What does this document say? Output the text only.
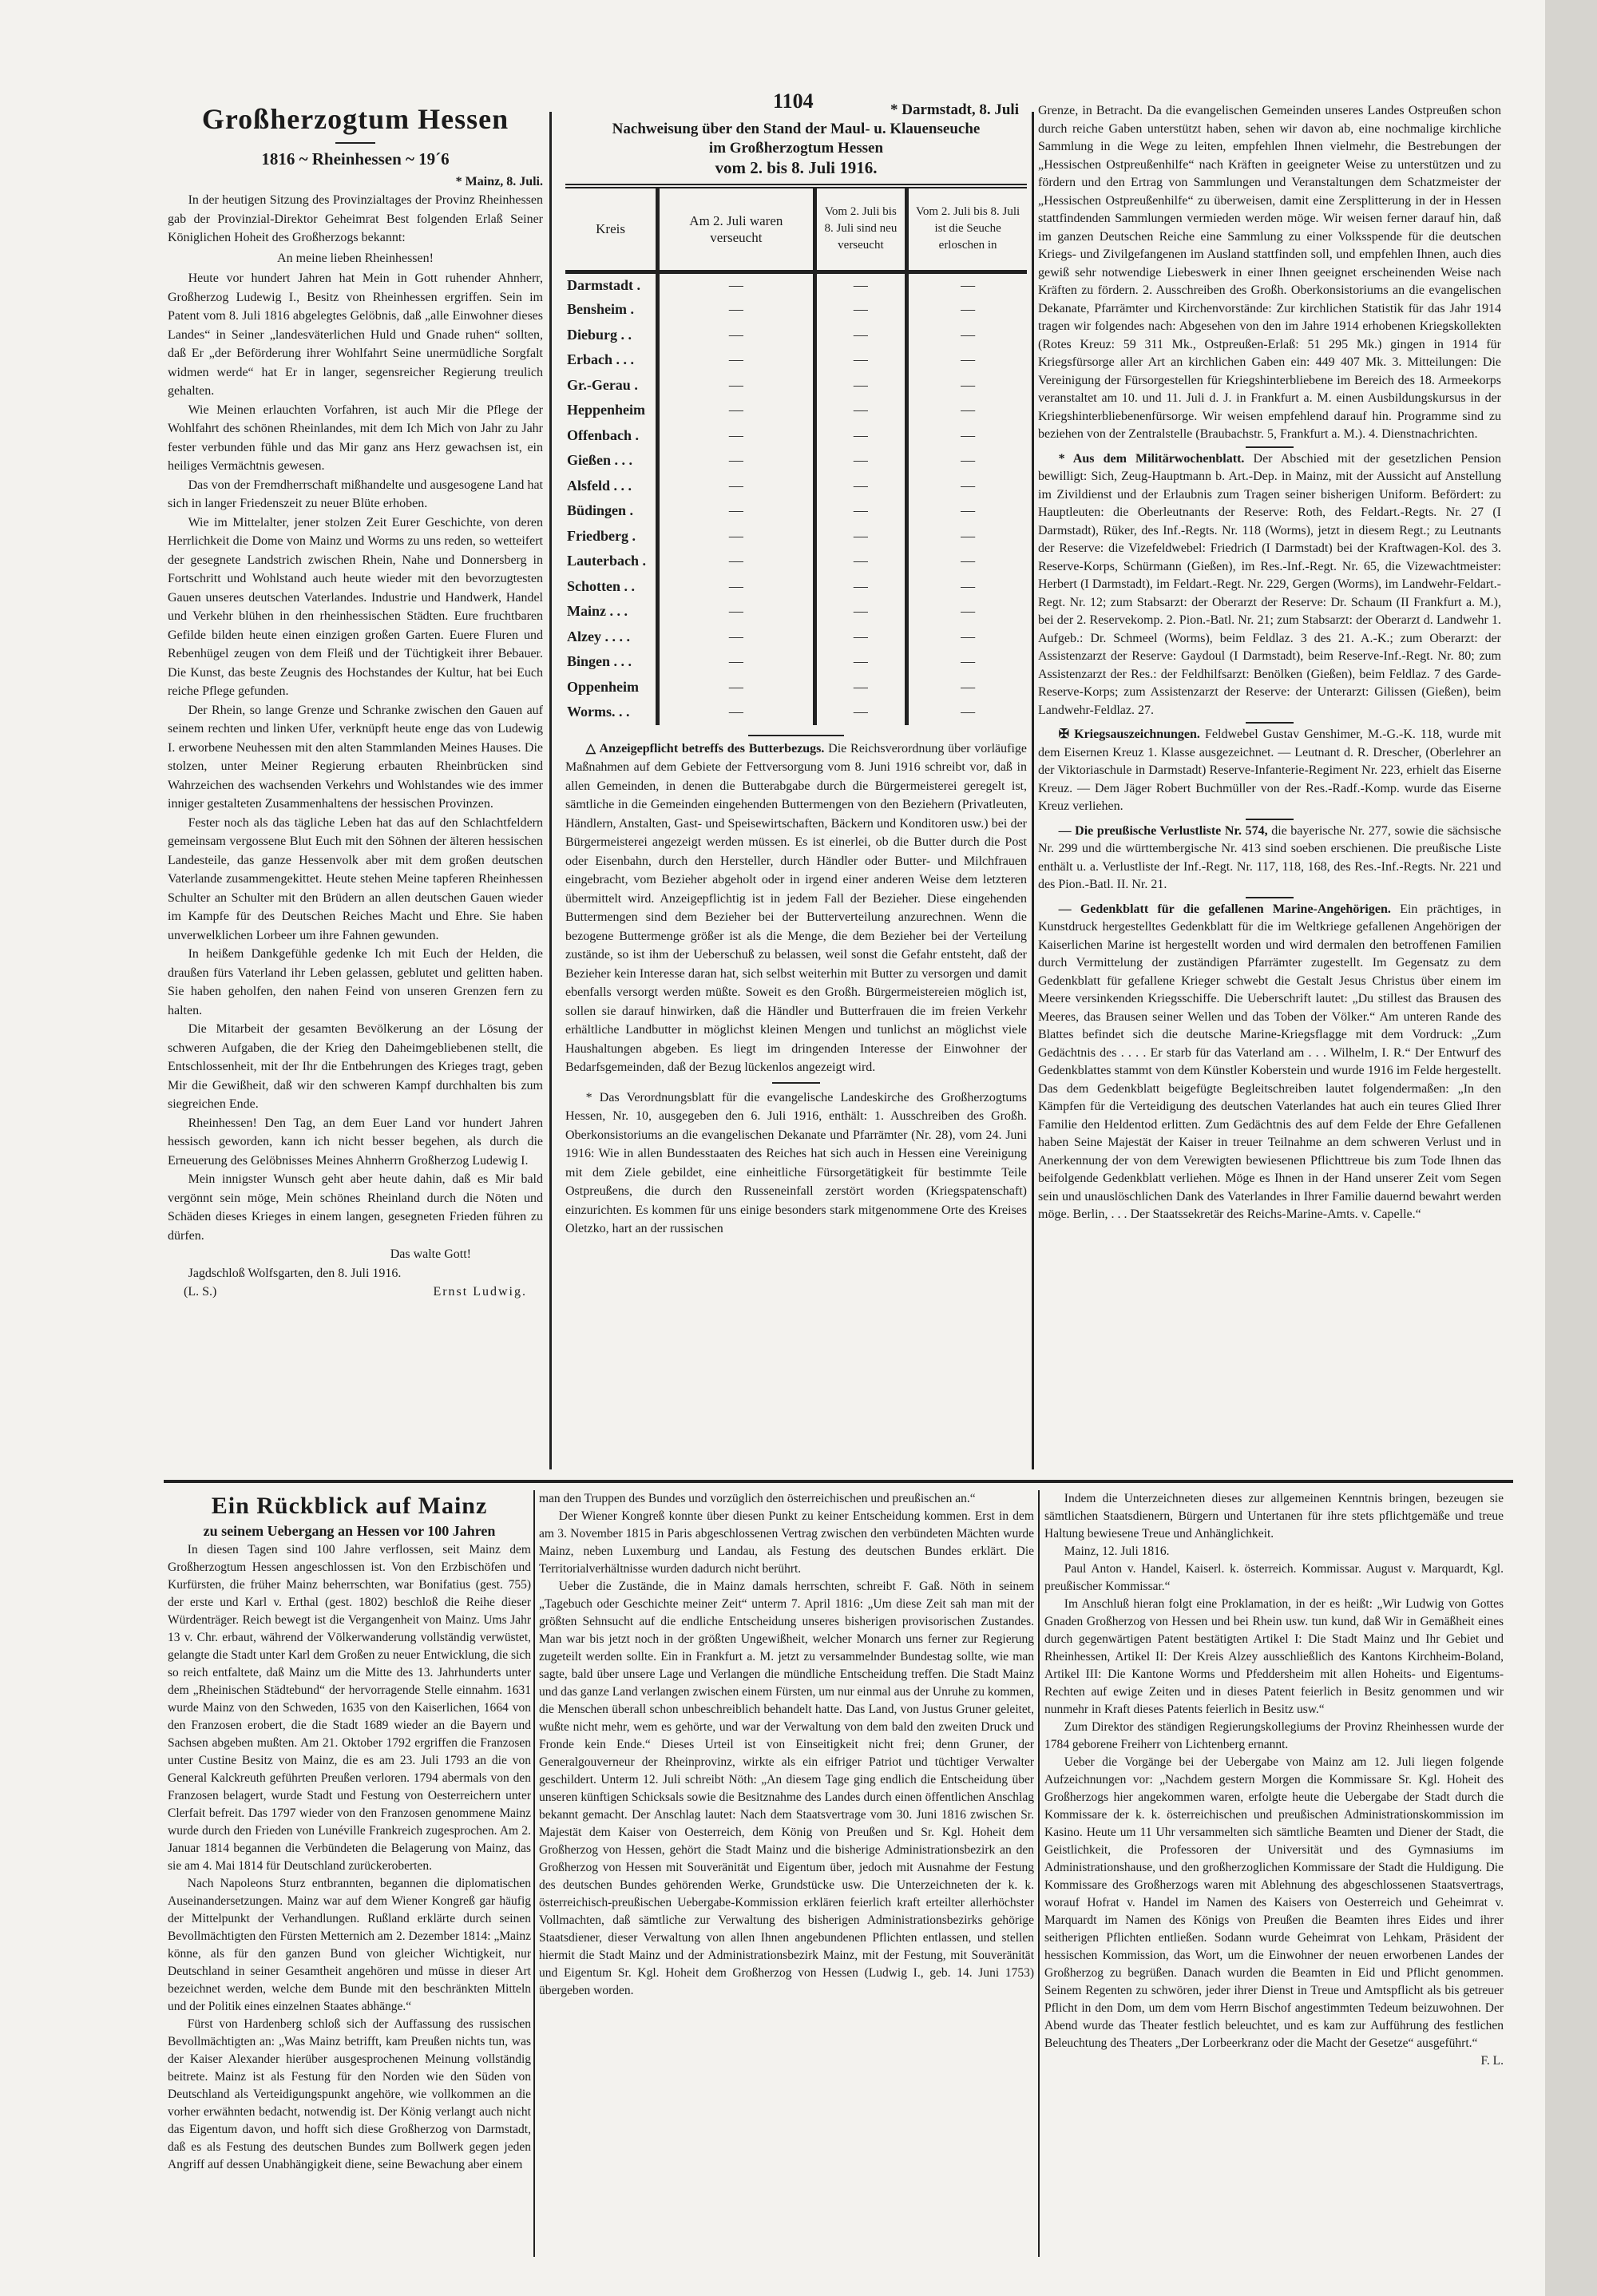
1104
Großherzogtum Hessen
1816 ~ Rheinhessen ~ 19´6
* Mainz, 8. Juli.

In der heutigen Sitzung des Provinzialtages der Provinz Rheinhessen gab der Provinzial-Direktor Geheimrat Best folgenden Erlaß Seiner Königlichen Hoheit des Großherzogs bekannt:

An meine lieben Rheinhessen!

Heute vor hundert Jahren hat Mein in Gott ruhender Ahnherr, Großherzog Ludewig I., Besitz von Rheinhessen ergriffen. Sein im Patent vom 8. Juli 1816 abgelegtes Gelöbnis, daß „alle Einwohner dieses Landes“ in Seiner „landesväterlichen Huld und Gnade ruhen“ sollten, daß Er „der Beförderung ihrer Wohlfahrt Seine unermüdliche Sorgfalt widmen werde“ hat Er in langer, segensreicher Regierung treulich gehalten.

Wie Meinen erlauchten Vorfahren, ist auch Mir die Pflege der Wohlfahrt des schönen Rheinlandes, mit dem Ich Mich von Jahr zu Jahr fester verbunden fühle und das Mir ganz ans Herz gewachsen ist, ein heiliges Vermächtnis gewesen.

Das von der Fremdherrschaft mißhandelte und ausgesogene Land hat sich in langer Friedenszeit zu neuer Blüte erhoben.

Wie im Mittelalter, jener stolzen Zeit Eurer Geschichte, von deren Herrlichkeit die Dome von Mainz und Worms zu uns reden, so wetteifert der gesegnete Landstrich zwischen Rhein, Nahe und Donnersberg in Fortschritt und Wohlstand auch heute wieder mit den bevorzugtesten Gauen unseres deutschen Vaterlandes. Industrie und Handwerk, Handel und Verkehr blühen in den rheinhessischen Städten. Eure fruchtbaren Gefilde bilden heute einen einzigen großen Garten. Euere Fluren und Rebenhügel zeugen von dem Fleiß und der Tüchtigkeit ihrer Bebauer. Die Kunst, das beste Zeugnis des Hochstandes der Kultur, hat bei Euch reiche Pflege gefunden.

Der Rhein, so lange Grenze und Schranke zwischen den Gauen auf seinem rechten und linken Ufer, verknüpft heute enge das von Ludewig I. erworbene Neuhessen mit den alten Stammlanden Meines Hauses. Die stolzen, unter Meiner Regierung erbauten Rheinbrücken sind Wahrzeichen des wachsenden Verkehrs und Wohlstandes wie des immer inniger gestalteten Zusammenhaltens der hessischen Provinzen.

Fester noch als das tägliche Leben hat das auf den Schlachtfeldern gemeinsam vergossene Blut Euch mit den Söhnen der älteren hessischen Landesteile, das ganze Hessenvolk aber mit dem großen deutschen Vaterlande zusammengekittet. Heute stehen Meine tapferen Rheinhessen Schulter an Schulter mit den Brüdern an allen deutschen Gauen wieder im Kampfe für des Deutschen Reiches Macht und Ehre. Sie haben unverwelklichen Lorbeer um ihre Fahnen gewunden.

In heißem Dankgefühle gedenke Ich mit Euch der Helden, die draußen fürs Vaterland ihr Leben gelassen, geblutet und gelitten haben. Sie haben geholfen, den nahen Feind von unseren Grenzen fern zu halten.

Die Mitarbeit der gesamten Bevölkerung an der Lösung der schweren Aufgaben, die der Krieg den Daheimgebliebenen stellt, die Entschlossenheit, mit der Ihr die Entbehrungen des Krieges tragt, geben Mir die Gewißheit, daß wir den schweren Kampf durchhalten bis zum siegreichen Ende.

Rheinhessen! Den Tag, an dem Euer Land vor hundert Jahren hessisch geworden, kann ich nicht besser begehen, als durch die Erneuerung des Gelöbnisses Meines Ahnherrn Großherzog Ludewig I.

Mein innigster Wunsch geht aber heute dahin, daß es Mir bald vergönnt sein möge, Mein schönes Rheinland durch die Nöten und Schäden dieses Krieges in einem langen, gesegneten Frieden führen zu dürfen.

Das walte Gott!

Jagdschloß Wolfsgarten, den 8. Juli 1916.

(L. S.)	Ernst Ludwig.
* Darmstadt, 8. Juli
Nachweisung über den Stand der Maul- u. Klauenseuche
im Großherzogtum Hessen
vom 2. bis 8. Juli 1916.
Kreis	Am 2. Juli waren verseucht	Vom 2. Juli bis 8. Juli sind neu verseucht	Vom 2. Juli bis 8. Juli ist die Seuche erloschen in
Darmstadt .	—	—	—
Bensheim .	—	—	—
Dieburg . .	—	—	—
Erbach . . .	—	—	—
Gr.-Gerau .	—	—	—
Heppenheim	—	—	—
Offenbach .	—	—	—
Gießen . . .	—	—	—
Alsfeld . . .	—	—	—
Büdingen .	—	—	—
Friedberg .	—	—	—
Lauterbach .	—	—	—
Schotten . .	—	—	—
Mainz . . .	—	—	—
Alzey . . . .	—	—	—
Bingen . . .	—	—	—
Oppenheim	—	—	—
Worms. . .	—	—	—

△ Anzeigepflicht betreffs des Butterbezugs. Die Reichsverordnung über vorläufige Maßnahmen auf dem Gebiete der Fettversorgung vom 8. Juni 1916 schreibt vor, daß in allen Gemeinden, in denen die Butterabgabe durch die Bürgermeisterei geregelt ist, sämtliche in die Gemeinden eingehenden Buttermengen von den Beziehern (Privatleuten, Händlern, Anstalten, Gast- und Speisewirtschaften, Bäckern und Konditoren usw.) bei der Bürgermeisterei angezeigt werden müssen. Es ist einerlei, ob die Butter durch die Post oder Eisenbahn, durch den Hersteller, durch Händler oder Butter- und Milchfrauen eingebracht, vom Bezieher abgeholt oder in irgend einer anderen Weise dem letzteren übermittelt wird. Anzeigepflichtig ist in jedem Fall der Bezieher. Diese eingehenden Buttermengen sind dem Bezieher bei der Butterverteilung anzurechnen. Wenn die bezogene Buttermenge größer ist als die Menge, die dem Bezieher bei der Verteilung zustände, so ist ihm der Ueberschuß zu belassen, weil sonst die Gefahr entsteht, daß der Bezieher kein Interesse daran hat, sich selbst weiterhin mit Butter zu versorgen und damit ebenfalls versorgt werden müßte. Soweit es den Großh. Bürgermeistereien möglich ist, sollen sie darauf hinwirken, daß die Händler und Butterfrauen die im freien Verkehr erhältliche Landbutter in möglichst kleinen Mengen und tunlichst an möglichst viele Haushaltungen abgeben. Es liegt im dringenden Interesse der Einwohner der Bedarfsgemeinden, daß der Bezug lückenlos angezeigt wird.

* Das Verordnungsblatt für die evangelische Landeskirche des Großherzogtums Hessen, Nr. 10, ausgegeben den 6. Juli 1916, enthält: 1. Ausschreiben des Großh. Oberkonsistoriums an die evangelischen Dekanate und Pfarrämter (Nr. 28), vom 24. Juni 1916: Wie in allen Bundesstaaten des Reiches hat sich auch in Hessen eine Vereinigung mit dem Ziele gebildet, eine einheitliche Fürsorgetätigkeit für bestimmte Teile Ostpreußens, die durch den Russeneinfall zerstört worden (Kriegspatenschaft) einzurichten. Es kommen für uns einige besonders stark mitgenommene Orte des Kreises Oletzko, hart an der russischen

Grenze, in Betracht. Da die evangelischen Gemeinden unseres Landes Ostpreußen schon durch reiche Gaben unterstützt haben, sehen wir davon ab, eine nochmalige kirchliche Sammlung in die Wege zu leiten, empfehlen Ihnen vielmehr, die Bestrebungen der „Hessischen Ostpreußenhilfe“ nach Kräften in geeigneter Weise zu unterstützen und zu fördern und den Ertrag von Sammlungen und Veranstaltungen dem Schatzmeister der „Hessischen Ostpreußenhilfe“ zu überweisen, damit eine Zersplitterung in der in Hessen stattfindenden Sammlungen vermieden werden möge. Wir weisen ferner darauf hin, daß im ganzen Deutschen Reiche eine Sammlung zu einer Volksspende für die deutschen Kriegs- und Zivilgefangenen im Ausland stattfinden soll, und empfehlen Ihnen, auch dies gewiß sehr notwendige Liebeswerk in einer Ihnen geeignet erscheinenden Weise nach Kräften zu fördern. 2. Ausschreiben des Großh. Oberkonsistoriums an die evangelischen Dekanate, Pfarrämter und Kirchenvorstände: Zur kirchlichen Statistik für das Jahr 1914 tragen wir folgendes nach: Abgesehen von den im Jahre 1914 erhobenen Kriegskollekten (Rotes Kreuz: 59 311 Mk., Ostpreußen-Erlaß: 51 295 Mk.) gingen in 1914 für Kriegsfürsorge aller Art an kirchlichen Gaben ein: 449 407 Mk. 3. Mitteilungen: Die Vereinigung der Fürsorgestellen für Kriegshinterbliebene im Bereich des 18. Armeekorps veranstaltet am 10. und 11. Juli d. J. in Frankfurt a. M. einen Ausbildungskursus in der Kriegshinterbliebenenfürsorge. Wir weisen empfehlend darauf hin. Programme sind zu beziehen von der Zentralstelle (Braubachstr. 5, Frankfurt a. M.). 4. Dienstnachrichten.

* Aus dem Militärwochenblatt. Der Abschied mit der gesetzlichen Pension bewilligt: Sich, Zeug-Hauptmann b. Art.-Dep. in Mainz, mit der Aussicht auf Anstellung im Zivildienst und der Erlaubnis zum Tragen seiner bisherigen Uniform. Befördert: zu Hauptleuten: die Oberleutnants der Reserve: Roth, des Feldart.-Regts. Nr. 27 (I Darmstadt), Rüker, des Inf.-Regts. Nr. 118 (Worms), jetzt in diesem Regt.; zu Leutnants der Reserve: die Vizefeldwebel: Friedrich (I Darmstadt) bei der Kraftwagen-Kol. des 3. Reserve-Korps, Schürmann (Gießen), im Res.-Inf.-Regt. Nr. 65, die Vizewachtmeister: Herbert (I Darmstadt), im Feldart.-Regt. Nr. 229, Gergen (Worms), im Landwehr-Feldart.-Regt. Nr. 12; zum Stabsarzt: der Oberarzt der Reserve: Dr. Schaum (II Frankfurt a. M.), bei der 2. Reservekomp. 2. Pion.-Batl. Nr. 21; zum Stabsarzt: der Oberarzt d. Landwehr 1. Aufgeb.: Dr. Schmeel (Worms), beim Feldlaz. 3 des 21. A.-K.; zum Oberarzt: der Assistenzarzt der Reserve: Gaydoul (I Darmstadt), beim Reserve-Inf.-Regt. Nr. 80; zum Assistenzarzt der Res.: der Feldhilfsarzt: Benölken (Gießen), beim Feldlaz. 7 des Garde-Reserve-Korps; zum Assistenzarzt der Reserve: der Unterarzt: Gilissen (Gießen), beim Landwehr-Feldlaz. 27.

✠ Kriegsauszeichnungen. Feldwebel Gustav Genshimer, M.-G.-K. 118, wurde mit dem Eisernen Kreuz 1. Klasse ausgezeichnet. — Leutnant d. R. Drescher, (Oberlehrer an der Viktoriaschule in Darmstadt) Reserve-Infanterie-Regiment Nr. 223, erhielt das Eiserne Kreuz. — Dem Jäger Robert Buchmüller von der Res.-Radf.-Komp. wurde das Eiserne Kreuz verliehen.

— Die preußische Verlustliste Nr. 574, die bayerische Nr. 277, sowie die sächsische Nr. 299 und die württembergische Nr. 413 sind soeben erschienen. Die preußische Liste enthält u. a. Verlustliste der Inf.-Regt. Nr. 117, 118, 168, des Res.-Inf.-Regts. Nr. 221 und des Pion.-Batl. II. Nr. 21.

— Gedenkblatt für die gefallenen Marine-Angehörigen. Ein prächtiges, in Kunstdruck hergestelltes Gedenkblatt für die im Weltkriege gefallenen Angehörigen der Kaiserlichen Marine ist hergestellt worden und wird dermalen den betroffenen Familien durch Vermittelung der zuständigen Pfarrämter zugestellt. Im Gegensatz zu dem Gedenkblatt für gefallene Krieger schwebt die Gestalt Jesus Christus über einem im Meere versinkenden Kriegsschiffe. Die Ueberschrift lautet: „Du stillest das Brausen des Meeres, das Brausen seiner Wellen und das Toben der Völker.“ Am unteren Rande des Blattes befindet sich die deutsche Marine-Kriegsflagge mit dem Vordruck: „Zum Gedächtnis des . . . . Er starb für das Vaterland am . . . Wilhelm, I. R.“ Der Entwurf des Gedenkblattes stammt von dem Künstler Koberstein und wurde 1916 im Felde hergestellt. Das dem Gedenkblatt beigefügte Begleitschreiben lautet folgendermaßen: „In den Kämpfen für die Verteidigung des deutschen Vaterlandes hat auch ein teures Glied Ihrer Familie den Heldentod erlitten. Zum Gedächtnis des auf dem Felde der Ehre Gefallenen haben Seine Majestät der Kaiser in treuer Teilnahme an dem schweren Verlust und in Anerkennung der von dem Verewigten bewiesenen Pflichttreue bis zum Tode Ihnen das beifolgende Gedenkblatt verliehen. Möge es Ihnen in der Hand unserer Zeit vom Segen sein und unauslöschlichen Dank des Vaterlandes in Ihrer Familie dauernd bewahrt werden möge. Berlin, . . . Der Staatssekretär des Reichs-Marine-Amts. v. Capelle.“

Ein Rückblick auf Mainz
zu seinem Uebergang an Hessen vor 100 Jahren

In diesen Tagen sind 100 Jahre verflossen, seit Mainz dem Großherzogtum Hessen angeschlossen ist. Von den Erzbischöfen und Kurfürsten, die früher Mainz beherrschten, war Bonifatius (gest. 755) der erste und Karl v. Erthal (gest. 1802) beschloß die Reihe dieser Würdenträger. Reich bewegt ist die Vergangenheit von Mainz. Ums Jahr 13 v. Chr. erbaut, während der Völkerwanderung vollständig verwüstet, gelangte die Stadt unter Karl dem Großen zu neuer Entwicklung, die sich so reich entfaltete, daß Mainz um die Mitte des 13. Jahrhunderts unter dem „Rheinischen Städtebund“ der hervorragende Stelle einnahm. 1631 wurde Mainz von den Schweden, 1635 von den Kaiserlichen, 1664 von den Franzosen erobert, die die Stadt 1689 wieder an die Bayern und Sachsen abgeben mußten. Am 21. Oktober 1792 ergriffen die Franzosen unter Custine Besitz von Mainz, die es am 23. Juli 1793 an die von General Kalckreuth geführten Preußen verloren. 1794 abermals von den Franzosen belagert, wurde Stadt und Festung von Oesterreichern unter Clerfait befreit. Das 1797 wieder von den Franzosen genommene Mainz wurde durch den Frieden von Lunéville Frankreich zugesprochen. Am 2. Januar 1814 begannen die Verbündeten die Belagerung von Mainz, das sie am 4. Mai 1814 für Deutschland zurückeroberten.

Nach Napoleons Sturz entbrannten, begannen die diplomatischen Auseinandersetzungen. Mainz war auf dem Wiener Kongreß gar häufig der Mittelpunkt der Verhandlungen. Rußland erklärte durch seinen Bevollmächtigten den Fürsten Metternich am 2. Dezember 1814: „Mainz könne, als für den ganzen Bund von gleicher Wichtigkeit, nur Deutschland in seiner Gesamtheit angehören und müsse in dieser Art bezeichnet werden, welche dem Bunde mit den beschränkten Mitteln und der Politik eines einzelnen Staates abhänge.“

Fürst von Hardenberg schloß sich der Auffassung des russischen Bevollmächtigten an: „Was Mainz betrifft, kam Preußen nichts tun, was der Kaiser Alexander hierüber ausgesprochenen Meinung vollständig beitrete. Mainz ist als Festung für den Norden wie den Süden von Deutschland als Verteidigungspunkt angehöre, wie vollkommen an die vorher erwähnten bedacht, notwendig ist. Der König verlangt auch nicht das Eigentum davon, und hofft sich diese Großherzog von Darmstadt, daß es als Festung des deutschen Bundes zum Bollwerk gegen jeden Angriff auf dessen Unabhängigkeit diene, seine Bewachung aber einem

man den Truppen des Bundes und vorzüglich den österreichischen und preußischen an.“

Der Wiener Kongreß konnte über diesen Punkt zu keiner Entscheidung kommen. Erst in dem am 3. November 1815 in Paris abgeschlossenen Vertrag zwischen den verbündeten Mächten wurde Mainz, neben Luxemburg und Landau, als Festung des deutschen Bundes erklärt. Die Territorialverhältnisse wurden dadurch nicht berührt.

Ueber die Zustände, die in Mainz damals herrschten, schreibt F. Gaß. Nöth in seinem „Tagebuch oder Geschichte meiner Zeit“ unterm 7. April 1816: „Um diese Zeit sah man mit der größten Sehnsucht auf die endliche Entscheidung unseres bisherigen provisorischen Zustandes. Man war bis jetzt noch in der größten Ungewißheit, welcher Monarch uns ferner zur Regierung zugeteilt werden sollte. Ein in Frankfurt a. M. jetzt zu versammelnder Bundestag sollte, wie man sagte, bald über unsere Lage und Verlangen die mündliche Entscheidung treffen. Die Stadt Mainz und das ganze Land verlangen zwischen einem Fürsten, um nur einmal aus der Unruhe zu kommen, die Menschen überall schon unbeschreiblich behandelt hatte. Das Land, von Justus Gruner geleitet, wußte nicht mehr, wem es gehörte, und war der Verwaltung von dem bald den zweiten Druck und Fronde kein Ende.“ Dieses Urteil ist von Einseitigkeit nicht frei; denn Gruner, der Generalgouverneur der Rheinprovinz, wirkte als ein eifriger Patriot und tüchtiger Verwalter geschildert. Unterm 12. Juli schreibt Nöth: „An diesem Tage ging endlich die Entscheidung über unseren künftigen Schicksals sowie die Besitznahme des Landes durch einen öffentlichen Anschlag bekannt gemacht. Der Anschlag lautet: Nach dem Staatsvertrage vom 30. Juni 1816 zwischen Sr. Majestät dem Kaiser von Oesterreich, dem König von Preußen und Sr. Kgl. Hoheit dem Großherzog von Hessen, gehört die Stadt Mainz und die bisherige Administrationsbezirk an den Großherzog von Hessen mit Souveränität und Eigentum über, jedoch mit Ausnahme der Festung des deutschen Bundes gehörenden Werke, Grundstücke usw. Die Unterzeichneten der k. k. österreichisch-preußischen Uebergabe-Kommission erklären feierlich kraft erteilter allerhöchster Vollmachten, daß sämtliche zur Verwaltung des bisherigen Administrationsbezirks gehörige Staatsdiener, dieser Verwaltung von allen Ihnen angebundenen Pflichten entlassen, und stellen hiermit die Stadt Mainz und der Administrationsbezirk Mainz, mit der Festung, mit Souveränität und Eigentum Sr. Kgl. Hoheit dem Großherzog von Hessen (Ludwig I., geb. 14. Juni 1753) übergeben worden.

Indem die Unterzeichneten dieses zur allgemeinen Kenntnis bringen, bezeugen sie sämtlichen Staatsdienern, Bürgern und Untertanen für ihre stets pflichtgemäße und treue Haltung bewiesene Treue und Anhänglichkeit.

Mainz, 12. Juli 1816.

Paul Anton v. Handel, Kaiserl. k. österreich. Kommissar. August v. Marquardt, Kgl. preußischer Kommissar.“

Im Anschluß hieran folgt eine Proklamation, in der es heißt: „Wir Ludwig von Gottes Gnaden Großherzog von Hessen und bei Rhein usw. tun kund, daß Wir in Gemäßheit eines durch gegenwärtigen Patent bestätigten Artikel I: Die Stadt Mainz und Ihr Gebiet und Rheinhessen, Artikel II: Der Kreis Alzey ausschließlich des Kantons Kirchheim-Boland, Artikel III: Die Kantone Worms und Pfeddersheim mit allen Hoheits- und Eigentums-Rechten auf ewige Zeiten und in dieses Patent feierlich in Besitz genommen und wir nunmehr in Kraft dieses Patents feierlich in Besitz usw.“

Zum Direktor des ständigen Regierungskollegiums der Provinz Rheinhessen wurde der 1784 geborene Freiherr von Lichtenberg ernannt.

Ueber die Vorgänge bei der Uebergabe von Mainz am 12. Juli liegen folgende Aufzeichnungen vor: „Nachdem gestern Morgen die Kommissare Sr. Kgl. Hoheit des Großherzogs hier angekommen waren, erfolgte heute die Uebergabe der Stadt durch die Kommissare der k. k. österreichischen und preußischen Administrationskommission im Kasino. Heute um 11 Uhr versammelten sich sämtliche Beamten und Diener der Stadt, die Geistlichkeit, die Professoren der Universität und des Gymnasiums im Administrationshause, und den großherzoglichen Kommissare der Stadt die Huldigung. Die Kommissare des Großherzogs waren mit Ablehnung des abgeschlossenen Staatsvertrags, worauf Hofrat v. Handel im Namen des Kaisers von Oesterreich und Geheimrat v. Marquardt im Namen des Königs von Preußen die Beamten ihres Eides und ihrer seitherigen Pflichten entließen. Sodann wurde Geheimrat von Lehkam, Präsident der hessischen Kommission, das Wort, um die Einwohner der neuen erworbenen Landes der Großherzog zu begrüßen. Danach wurden die Beamten in Eid und Pflicht genommen. Seinem Regenten zu schwören, jeder ihrer Dienst in Treue und Amtspflicht als bis getreuer Pflicht in den Dom, um dem vom Herrn Bischof angestimmten Tedeum beizuwohnen. Der Abend wurde das Theater festlich beleuchtet, und es kam zur Aufführung des festlichen Beleuchtung des Theaters „Der Lorbeerkranz oder die Macht der Gesetze“ ausgeführt.“

F. L.
